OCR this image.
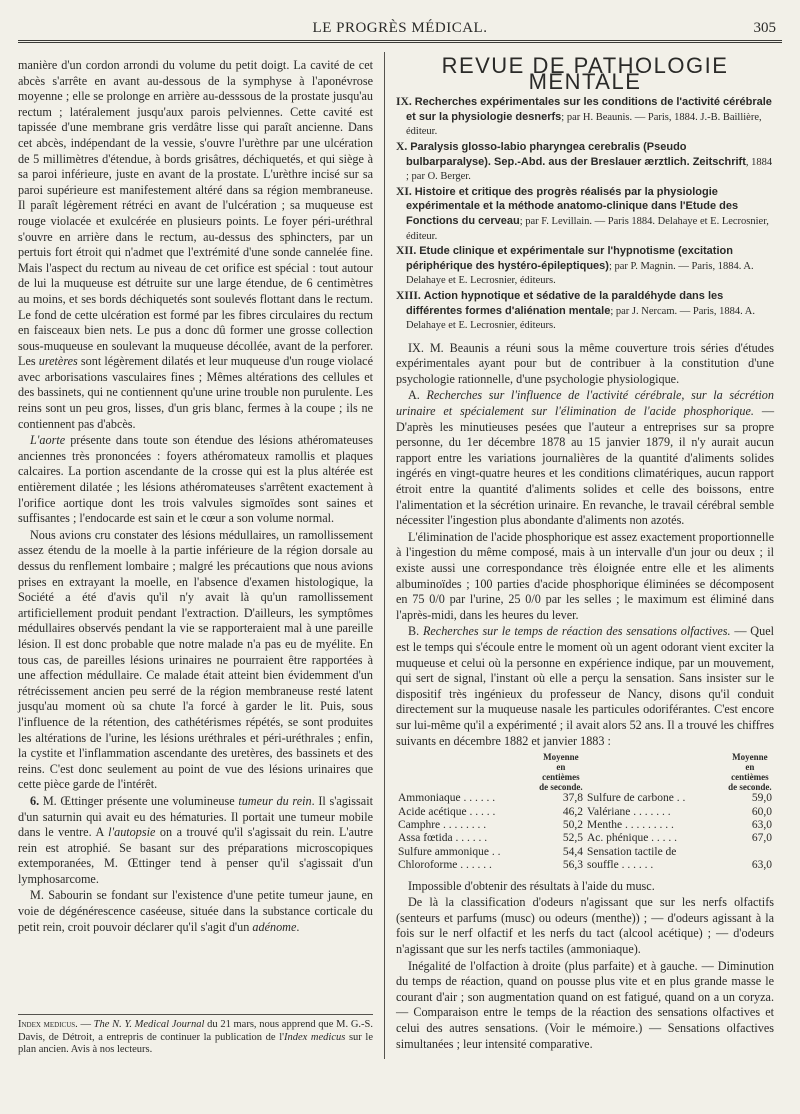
LE PROGRÈS MÉDICAL.	305

manière d'un cordon arrondi du volume du petit doigt. La cavité de cet abcès s'arrête en avant au-dessous de la symphyse à l'aponévrose moyenne ; elle se prolonge en arrière au-desssous de la prostate jusqu'au rectum ; latéralement jusqu'aux parois pelviennes. Cette cavité est tapissée d'une membrane gris verdâtre lisse qui paraît ancienne. Dans cet abcès, indépendant de la vessie, s'ouvre l'urèthre par une ulcération de 5 millimètres d'étendue, à bords grisâtres, déchiquetés, et qui siège à sa paroi inférieure, juste en avant de la prostate. L'urèthre incisé sur sa paroi supérieure est manifestement altéré dans sa région membraneuse. Il paraît légèrement rétréci en avant de l'ulcération ; sa muqueuse est rouge violacée et exulcérée en plusieurs points. Le foyer péri-uréthral s'ouvre en arrière dans le rectum, au-dessus des sphincters, par un pertuis fort étroit qui n'admet que l'extrémité d'une sonde cannelée fine. Mais l'aspect du rectum au niveau de cet orifice est spécial : tout autour de lui la muqueuse est détruite sur une large étendue, de 6 centimètres au moins, et ses bords déchiquetés sont soulevés flottant dans le rectum. Le fond de cette ulcération est formé par les fibres circulaires du rectum en faisceaux bien nets. Le pus a donc dû former une grosse collection sous-muqueuse en soulevant la muqueuse décollée, avant de la perforer. Les uretères sont légèrement dilatés et leur muqueuse d'un rouge violacé avec arborisations vasculaires fines ; Mêmes altérations des cellules et des bassinets, qui ne contiennent qu'une urine trouble non purulente. Les reins sont un peu gros, lisses, d'un gris blanc, fermes à la coupe ; ils ne contiennent pas d'abcès.

L'aorte présente dans toute son étendue des lésions athéromateuses anciennes très prononcées : foyers athéromateux ramollis et plaques calcaires. La portion ascendante de la crosse qui est la plus altérée est entièrement dilatée ; les lésions athéromateuses s'arrêtent exactement à l'orifice aortique dont les trois valvules sigmoïdes sont saines et suffisantes ; l'endocarde est sain et le cœur a son volume normal.

Nous avions cru constater des lésions médullaires, un ramollissement assez étendu de la moelle à la partie inférieure de la région dorsale au dessus du renflement lombaire ; malgré les précautions que nous avions prises en extrayant la moelle, en l'absence d'examen histologique, la Société a été d'avis qu'il n'y avait là qu'un ramollissement artificiellement produit pendant l'extraction. D'ailleurs, les symptômes médullaires observés pendant la vie se rapporteraient mal à une pareille lésion. Il est donc probable que notre malade n'a pas eu de myélite. En tous cas, de pareilles lésions urinaires ne pourraient être rapportées à une affection médullaire. Ce malade était atteint bien évidemment d'un rétrécissement ancien peu serré de la région membraneuse resté latent jusqu'au moment où sa chute l'a forcé à garder le lit. Puis, sous l'influence de la rétention, des cathétérismes répétés, se sont produites les altérations de l'urine, les lésions uréthrales et péri-uréthrales ; enfin, la cystite et l'inflammation ascendante des uretères, des bassinets et des reins. C'est donc seulement au point de vue des lésions urinaires que cette pièce garde de l'intérêt.

6. M. Œttinger présente une volumineuse tumeur du rein. Il s'agissait d'un saturnin qui avait eu des hématuries. Il portait une tumeur mobile dans le ventre. A l'autopsie on a trouvé qu'il s'agissait du rein. L'autre rein est atrophié. Se basant sur des préparations microscopiques extemporanées, M. Œttinger tend à penser qu'il s'agissait d'un lymphosarcome.

M. Sabourin se fondant sur l'existence d'une petite tumeur jaune, en voie de dégénérescence caséeuse, située dans la substance corticale du petit rein, croit pouvoir déclarer qu'il s'agit d'un adénome.

Index medicus. — The N. Y. Medical Journal du 21 mars, nous apprend que M. G.-S. Davis, de Détroit, a entrepris de continuer la publication de l'Index medicus sur le plan ancien. Avis à nos lecteurs.
REVUE DE PATHOLOGIE MENTALE
IX. Recherches expérimentales sur les conditions de l'activité cérébrale et sur la physiologie desnerfs; par H. Beaunis. — Paris, 1884. J.-B. Baillière, éditeur.
X. Paralysis glosso-labio pharyngea cerebralis (Pseudo bulbarparalyse). Sep.-Abd. aus der Breslauer ærztlich. Zeitschrift, 1884 ; par O. Berger.
XI. Histoire et critique des progrès réalisés par la physiologie expérimentale et la méthode anatomo-clinique dans l'Etude des Fonctions du cerveau; par F. Levillain. — Paris 1884. Delahaye et E. Lecrosnier, éditeur.
XII. Etude clinique et expérimentale sur l'hypnotisme (excitation périphérique des hystéro-épileptiques); par P. Magnin. — Paris, 1884. A. Delahaye et E. Lecrosnier, éditeurs.
XIII. Action hypnotique et sédative de la paraldéhyde dans les différentes formes d'aliénation mentale; par J. Nercam. — Paris, 1884. A. Delahaye et E. Lecrosnier, éditeurs.

IX. M. Beaunis a réuni sous la même couverture trois séries d'études expérimentales ayant pour but de contribuer à la constitution d'une psychologie rationnelle, d'une psychologie physiologique.

A. Recherches sur l'influence de l'activité cérébrale, sur la sécrétion urinaire et spécialement sur l'élimination de l'acide phosphorique. — D'après les minutieuses pesées que l'auteur a entreprises sur sa propre personne, du 1er décembre 1878 au 15 janvier 1879, il n'y aurait aucun rapport entre les variations journalières de la quantité d'aliments solides ingérés en vingt-quatre heures et les conditions climatériques, aucun rapport étroit entre la quantité d'aliments solides et celle des boissons, entre l'alimentation et la sécrétion urinaire. En revanche, le travail cérébral semble nécessiter l'ingestion plus abondante d'aliments non azotés.

L'élimination de l'acide phosphorique est assez exactement proportionnelle à l'ingestion du même composé, mais à un intervalle d'un jour ou deux ; il existe aussi une correspondance très éloignée entre elle et les aliments albuminoïdes ; 100 parties d'acide phosphorique éliminées se décomposent en 75 0/0 par l'urine, 25 0/0 par les selles ; le maximum est éliminé dans l'après-midi, dans les heures du lever.

B. Recherches sur le temps de réaction des sensations olfactives. — Quel est le temps qui s'écoule entre le moment où un agent odorant vient exciter la muqueuse et celui où la personne en expérience indique, par un mouvement, qui sert de signal, l'instant où elle a perçu la sensation. Sans insister sur le dispositif très ingénieux du professeur de Nancy, disons qu'il conduit directement sur la muqueuse nasale les particules odoriférantes. C'est encore sur lui-même qu'il a expérimenté ; il avait alors 52 ans. Il a trouvé les chiffres suivants en décembre 1882 et janvier 1883 :

	Moyenne en centièmes de seconde.		Moyenne en centièmes de seconde.
Ammoniaque . . . . . .	37,8	Sulfure de carbone . .	59,0
Acide acétique . . . . .	46,2	Valériane . . . . . . .	60,0
Camphre . . . . . . . .	50,2	Menthe . . . . . . . . .	63,0
Assa fœtida . . . . . .	52,5	Ac. phénique . . . . .	67,0
Sulfure ammonique . .	54,4	Sensation tactile de	
Chloroforme . . . . . .	56,3	souffle . . . . . .	63,0

Impossible d'obtenir des résultats à l'aide du musc.

De là la classification d'odeurs n'agissant que sur les nerfs olfactifs (senteurs et parfums (musc) ou odeurs (menthe)) ; — d'odeurs agissant à la fois sur le nerf olfactif et les nerfs du tact (alcool acétique) ; — d'odeurs n'agissant que sur les nerfs tactiles (ammoniaque).

Inégalité de l'olfaction à droite (plus parfaite) et à gauche. — Diminution du temps de réaction, quand on pousse plus vite et en plus grande masse le courant d'air ; son augmentation quand on est fatigué, quand on a un coryza. — Comparaison entre le temps de la réaction des sensations olfactives et celui des autres sensations. (Voir le mémoire.) — Sensations olfactives simultanées ; leur intensité comparative.
